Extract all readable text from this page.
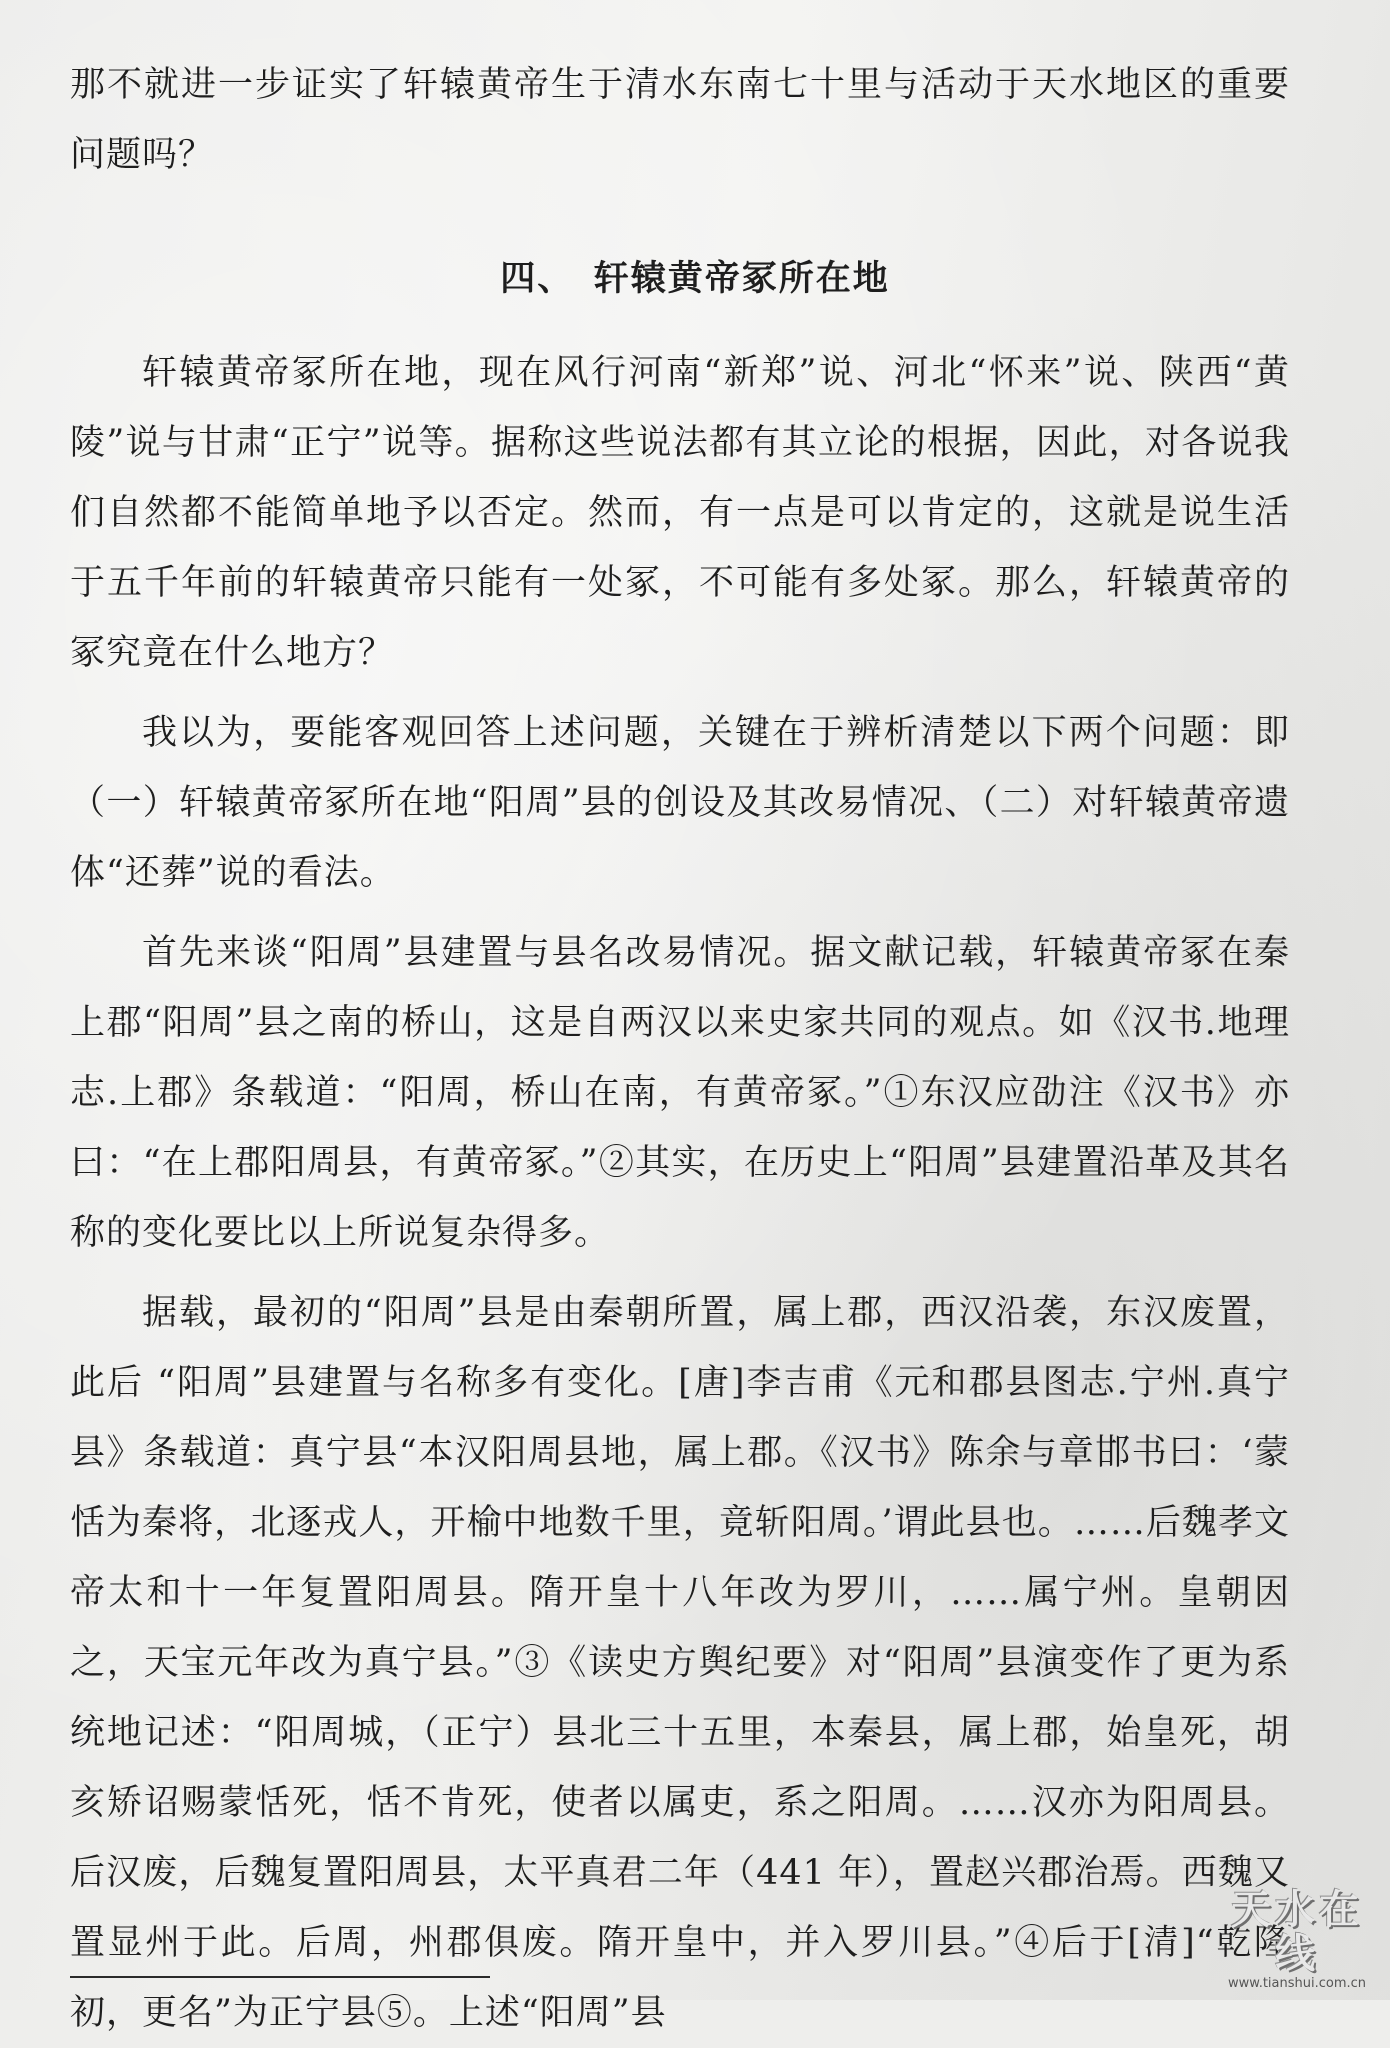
那不就进一步证实了轩辕黄帝生于清水东南七十里与活动于天水地区的重要问题吗？

四、　轩辕黄帝冢所在地

轩辕黄帝冢所在地，现在风行河南“新郑”说、河北“怀来”说、陕西“黄陵”说与甘肃“正宁”说等。据称这些说法都有其立论的根据，因此，对各说我们自然都不能简单地予以否定。然而，有一点是可以肯定的，这就是说生活于五千年前的轩辕黄帝只能有一处冢，不可能有多处冢。那么，轩辕黄帝的冢究竟在什么地方？

我以为，要能客观回答上述问题，关键在于辨析清楚以下两个问题：即（一）轩辕黄帝冢所在地“阳周”县的创设及其改易情况、（二）对轩辕黄帝遗体“还葬”说的看法。

首先来谈“阳周”县建置与县名改易情况。据文献记载，轩辕黄帝冢在秦上郡“阳周”县之南的桥山，这是自两汉以来史家共同的观点。如《汉书.地理志.上郡》条载道：“阳周，桥山在南，有黄帝冢。”①东汉应劭注《汉书》亦曰：“在上郡阳周县，有黄帝冢。”②其实，在历史上“阳周”县建置沿革及其名称的变化要比以上所说复杂得多。

据载，最初的“阳周”县是由秦朝所置，属上郡，西汉沿袭，东汉废置，此后 “阳周”县建置与名称多有变化。[唐]李吉甫《元和郡县图志.宁州.真宁县》条载道：真宁县“本汉阳周县地，属上郡。《汉书》陈余与章邯书曰：‘蒙恬为秦将，北逐戎人，开榆中地数千里，竟斩阳周。’谓此县也。……后魏孝文帝太和十一年复置阳周县。隋开皇十八年改为罗川，……属宁州。皇朝因之，天宝元年改为真宁县。”③《读史方舆纪要》对“阳周”县演变作了更为系统地记述：“阳周城，（正宁）县北三十五里，本秦县，属上郡，始皇死，胡亥矫诏赐蒙恬死，恬不肯死，使者以属吏，系之阳周。……汉亦为阳周县。后汉废，后魏复置阳周县，太平真君二年（441 年），置赵兴郡治焉。西魏又置显州于此。后周，州郡俱废。隋开皇中，并入罗川县。”④后于[清]“乾隆初，更名”为正宁县⑤。上述“阳周”县

天水在线
www.tianshui.com.cn
